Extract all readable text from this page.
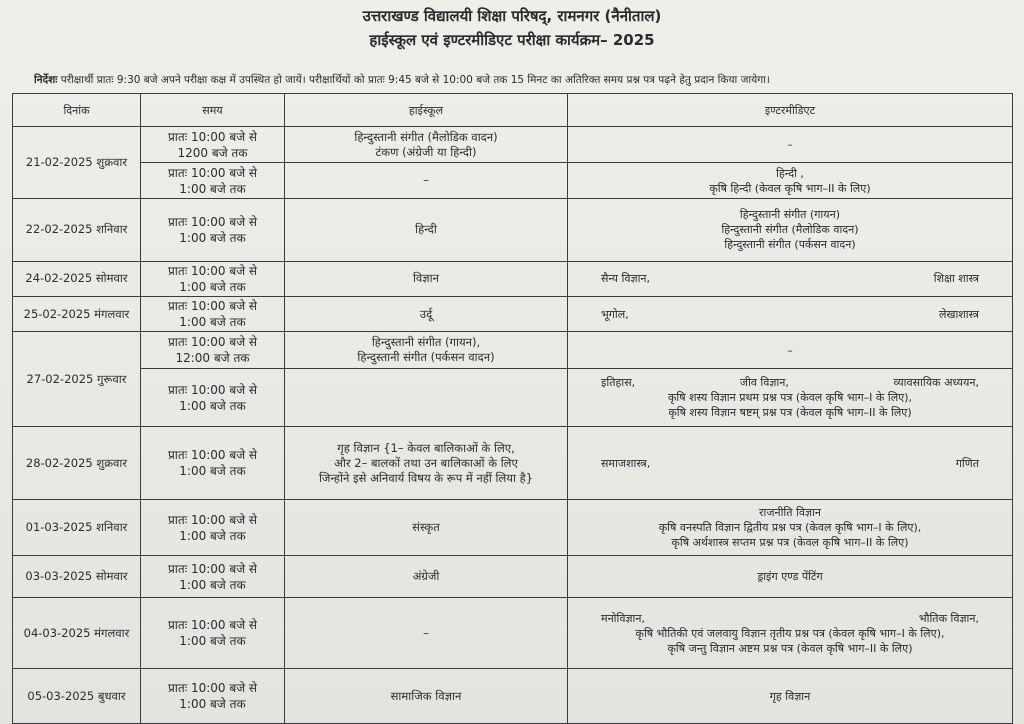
उत्तराखण्ड विद्यालयी शिक्षा परिषद्, रामनगर (नैनीताल)
हाईस्कूल एवं इण्टरमीडिएट परीक्षा कार्यक्रम– 2025
निर्देशः परीक्षार्थी प्रातः 9:30 बजे अपने परीक्षा कक्ष में उपस्थित हो जायें। परीक्षार्थियों को प्रातः 9:45 बजे से 10:00 बजे तक 15 मिनट का अतिरिक्त समय प्रश्न पत्र पढ़ने हेतु प्रदान किया जायेगा।
दिनांक	समय	हाईस्कूल	इण्टरमीडिएट
21-02-2025 शुक्रवार	प्रातः 10:00 बजे से
1200 बजे तक	हिन्दुस्तानी संगीत (मैलोडिक वादन)
टंकण (अंग्रेजी या हिन्दी)	–

	प्रातः 10:00 बजे से
1:00 बजे तक	–	हिन्दी ,
कृषि हिन्दी (केवल कृषि भाग–II के लिए)

22-02-2025 शनिवार	प्रातः 10:00 बजे से
1:00 बजे तक	हिन्दी	हिन्दुस्तानी संगीत (गायन)
हिन्दुस्तानी संगीत (मैलोडिक वादन)
हिन्दुस्तानी संगीत (पर्कसन वादन)

24-02-2025 सोमवार	प्रातः 10:00 बजे से
1:00 बजे तक	विज्ञान	सैन्य विज्ञान, शिक्षा शास्त्र

25-02-2025 मंगलवार	प्रातः 10:00 बजे से
1:00 बजे तक	उर्दू	भूगोल, लेखाशास्त्र

27-02-2025 गुरूवार	प्रातः 10:00 बजे से
12:00 बजे तक	हिन्दुस्तानी संगीत (गायन),
हिन्दुस्तानी संगीत (पर्कसन वादन)	–

	प्रातः 10:00 बजे से
1:00 बजे तक		इतिहास, जीव विज्ञान, व्यावसायिक अध्ययन,
कृषि शस्य विज्ञान प्रथम प्रश्न पत्र (केवल कृषि भाग–I के लिए),
कृषि शस्य विज्ञान षष्टम् प्रश्न पत्र (केवल कृषि भाग–II के लिए)

28-02-2025 शुक्रवार	प्रातः 10:00 बजे से
1:00 बजे तक	गृह विज्ञान {1– केवल बालिकाओं के लिए,
और 2– बालकों तथा उन बालिकाओं के लिए
जिन्होंने इसे अनिवार्य विषय के रूप में नहीं लिया है}	समाजशास्त्र, गणित

01-03-2025 शनिवार	प्रातः 10:00 बजे से
1:00 बजे तक	संस्कृत	राजनीति विज्ञान
कृषि वनस्पति विज्ञान द्वितीय प्रश्न पत्र (केवल कृषि भाग–I के लिए),
कृषि अर्थशास्त्र सप्तम प्रश्न पत्र (केवल कृषि भाग–II के लिए)

03-03-2025 सोमवार	प्रातः 10:00 बजे से
1:00 बजे तक	अंग्रेजी	ड्राइंग एण्ड पेंटिंग

04-03-2025 मंगलवार	प्रातः 10:00 बजे से
1:00 बजे तक	–	मनोविज्ञान, भौतिक विज्ञान,
कृषि भौतिकी एवं जलवायु विज्ञान तृतीय प्रश्न पत्र (केवल कृषि भाग–I के लिए),
कृषि जन्तु विज्ञान अष्टम प्रश्न पत्र (केवल कृषि भाग–II के लिए)

05-03-2025 बुधवार	प्रातः 10:00 बजे से
1:00 बजे तक	सामाजिक विज्ञान	गृह विज्ञान
